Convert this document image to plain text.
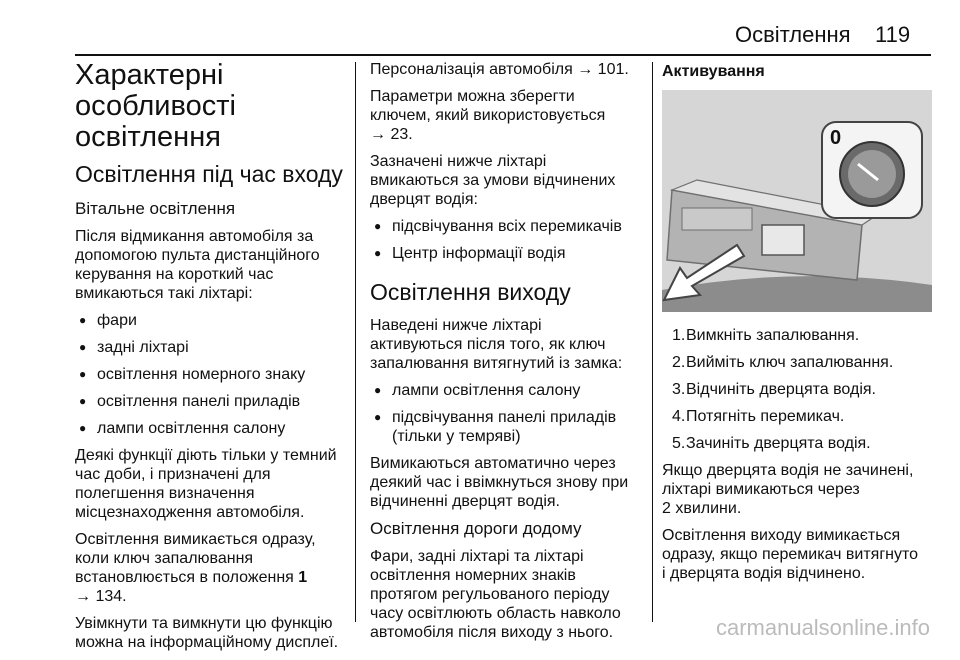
Освітлення 119
Характерні
особливості
освітлення
Освітлення під час входу
Вітальне освітлення
Після відмикання автомобіля за
допомогою пульта дистанційного
керування на короткий час
вмикаються такі ліхтарі:
● фари
● задні ліхтарі
● освітлення номерного знаку
● освітлення панелі приладів
● лампи освітлення салону
Деякі функції діють тільки у темний
час доби, і призначені для
полегшення визначення
місцезнаходження автомобіля.
Освітлення вимикається одразу,
коли ключ запалювання
встановлюється в положення 1
→ 134.
Увімкнути та вимкнути цю функцію
можна на інформаційному дисплеї.
Персоналізація автомобіля → 101.
Параметри можна зберегти
ключем, який використовується
→ 23.
Зазначені нижче ліхтарі
вмикаються за умови відчинених
дверцят водія:
● підсвічування всіх перемикачів
● Центр інформації водія
Освітлення виходу
Наведені нижче ліхтарі
активуються після того, як ключ
запалювання витягнутий із замка:
● лампи освітлення салону
● підсвічування панелі приладів (тільки у темряві)
Вимикаються автоматично через
деякий час і ввімкнуться знову при
відчиненні дверцят водія.
Освітлення дороги додому
Фари, задні ліхтарі та ліхтарі
освітлення номерних знаків
протягом регульованого періоду
часу освітлюють область навколо
автомобіля після виходу з нього.
Активування
0
1. Вимкніть запалювання.
2. Вийміть ключ запалювання.
3. Відчиніть дверцята водія.
4. Потягніть перемикач.
5. Зачиніть дверцята водія.
Якщо дверцята водія не зачинені,
ліхтарі вимикаються через
2 хвилини.
Освітлення виходу вимикається
одразу, якщо перемикач витягнуто
і дверцята водія відчинено.
carmanualsonline.info
